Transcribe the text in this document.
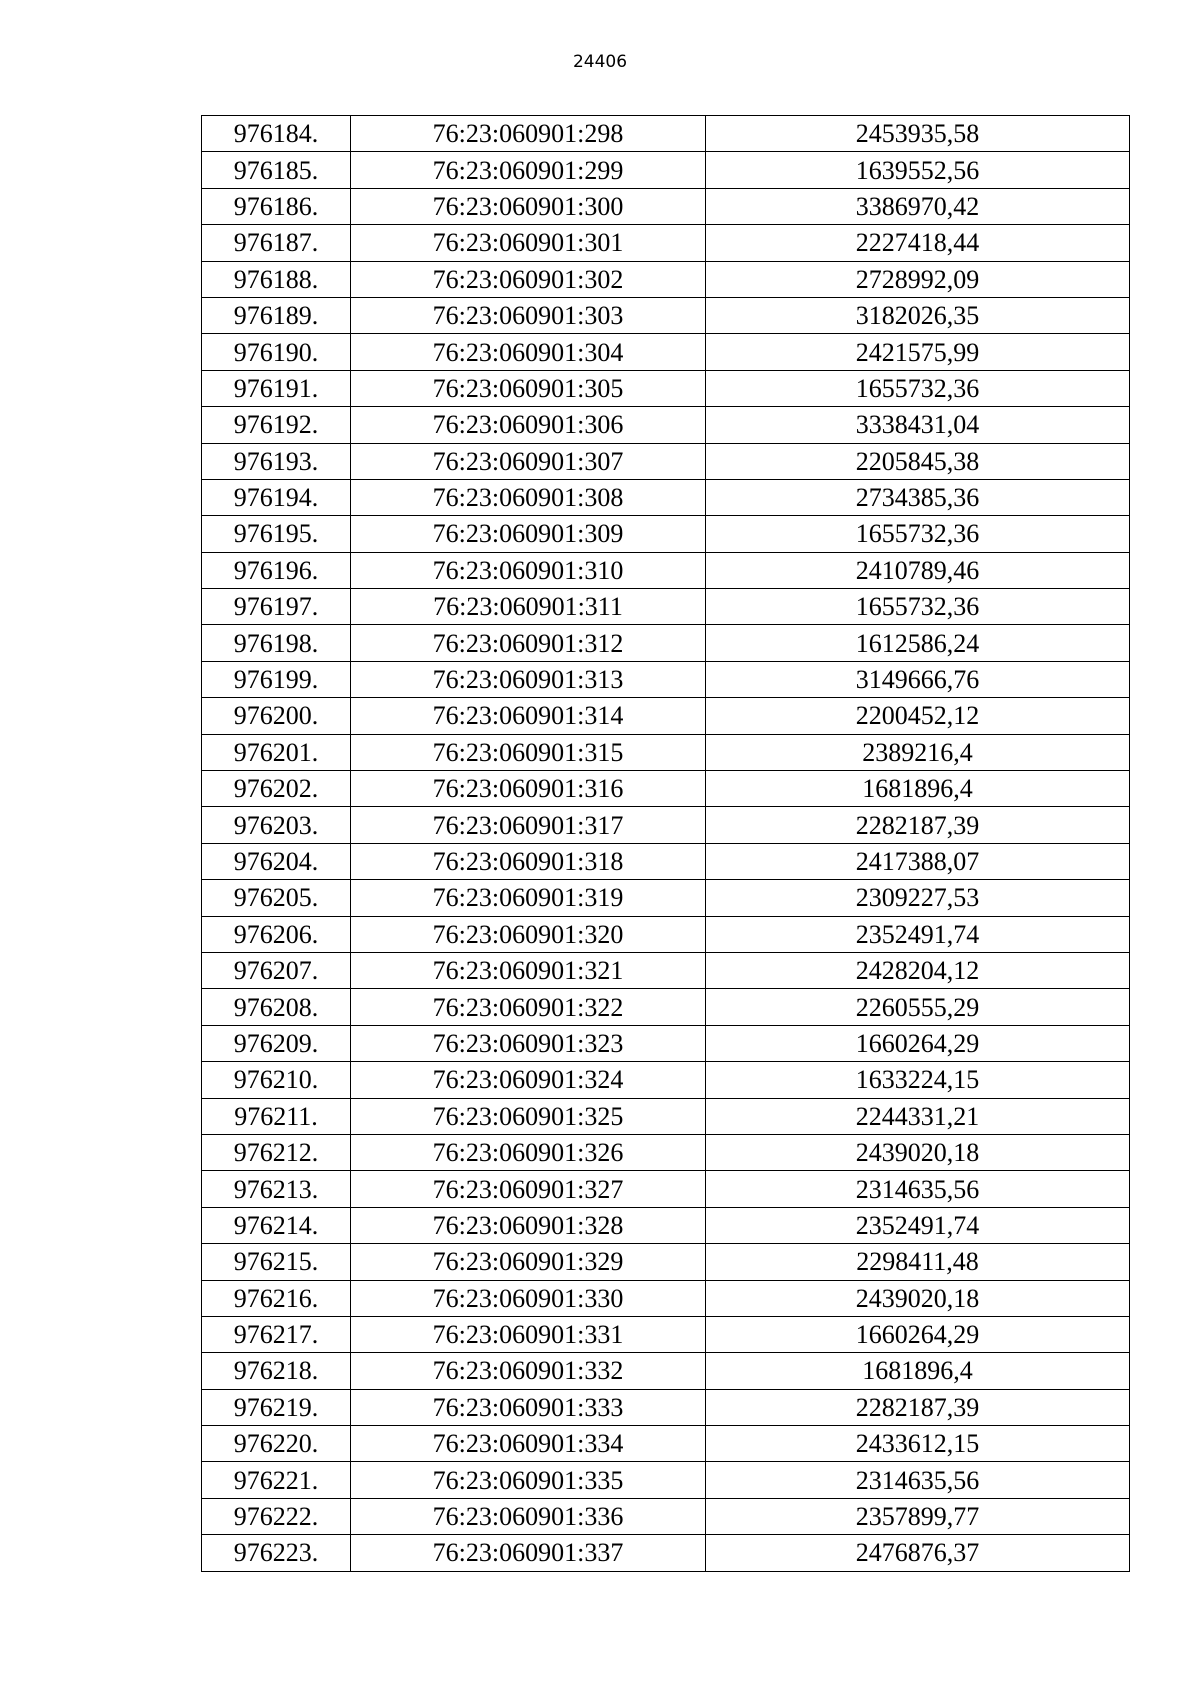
24406
976184.	76:23:060901:298	2453935,58
976185.	76:23:060901:299	1639552,56
976186.	76:23:060901:300	3386970,42
976187.	76:23:060901:301	2227418,44
976188.	76:23:060901:302	2728992,09
976189.	76:23:060901:303	3182026,35
976190.	76:23:060901:304	2421575,99
976191.	76:23:060901:305	1655732,36
976192.	76:23:060901:306	3338431,04
976193.	76:23:060901:307	2205845,38
976194.	76:23:060901:308	2734385,36
976195.	76:23:060901:309	1655732,36
976196.	76:23:060901:310	2410789,46
976197.	76:23:060901:311	1655732,36
976198.	76:23:060901:312	1612586,24
976199.	76:23:060901:313	3149666,76
976200.	76:23:060901:314	2200452,12
976201.	76:23:060901:315	2389216,4
976202.	76:23:060901:316	1681896,4
976203.	76:23:060901:317	2282187,39
976204.	76:23:060901:318	2417388,07
976205.	76:23:060901:319	2309227,53
976206.	76:23:060901:320	2352491,74
976207.	76:23:060901:321	2428204,12
976208.	76:23:060901:322	2260555,29
976209.	76:23:060901:323	1660264,29
976210.	76:23:060901:324	1633224,15
976211.	76:23:060901:325	2244331,21
976212.	76:23:060901:326	2439020,18
976213.	76:23:060901:327	2314635,56
976214.	76:23:060901:328	2352491,74
976215.	76:23:060901:329	2298411,48
976216.	76:23:060901:330	2439020,18
976217.	76:23:060901:331	1660264,29
976218.	76:23:060901:332	1681896,4
976219.	76:23:060901:333	2282187,39
976220.	76:23:060901:334	2433612,15
976221.	76:23:060901:335	2314635,56
976222.	76:23:060901:336	2357899,77
976223.	76:23:060901:337	2476876,37
